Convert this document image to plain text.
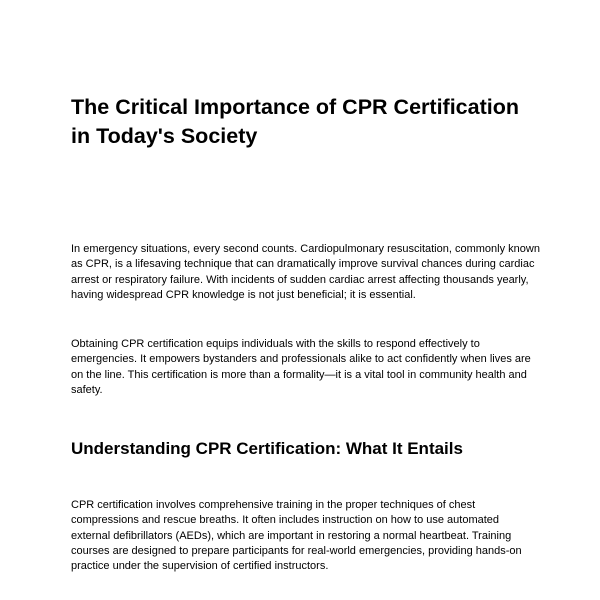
The Critical Importance of CPR Certification in Today's Society

In emergency situations, every second counts. Cardiopulmonary resuscitation, commonly known as CPR, is a lifesaving technique that can dramatically improve survival chances during cardiac arrest or respiratory failure. With incidents of sudden cardiac arrest affecting thousands yearly, having widespread CPR knowledge is not just beneficial; it is essential.

Obtaining CPR certification equips individuals with the skills to respond effectively to emergencies. It empowers bystanders and professionals alike to act confidently when lives are on the line. This certification is more than a formality—it is a vital tool in community health and safety.

Understanding CPR Certification: What It Entails

CPR certification involves comprehensive training in the proper techniques of chest compressions and rescue breaths. It often includes instruction on how to use automated external defibrillators (AEDs), which are important in restoring a normal heartbeat. Training courses are designed to prepare participants for real-world emergencies, providing hands-on practice under the supervision of certified instructors.
